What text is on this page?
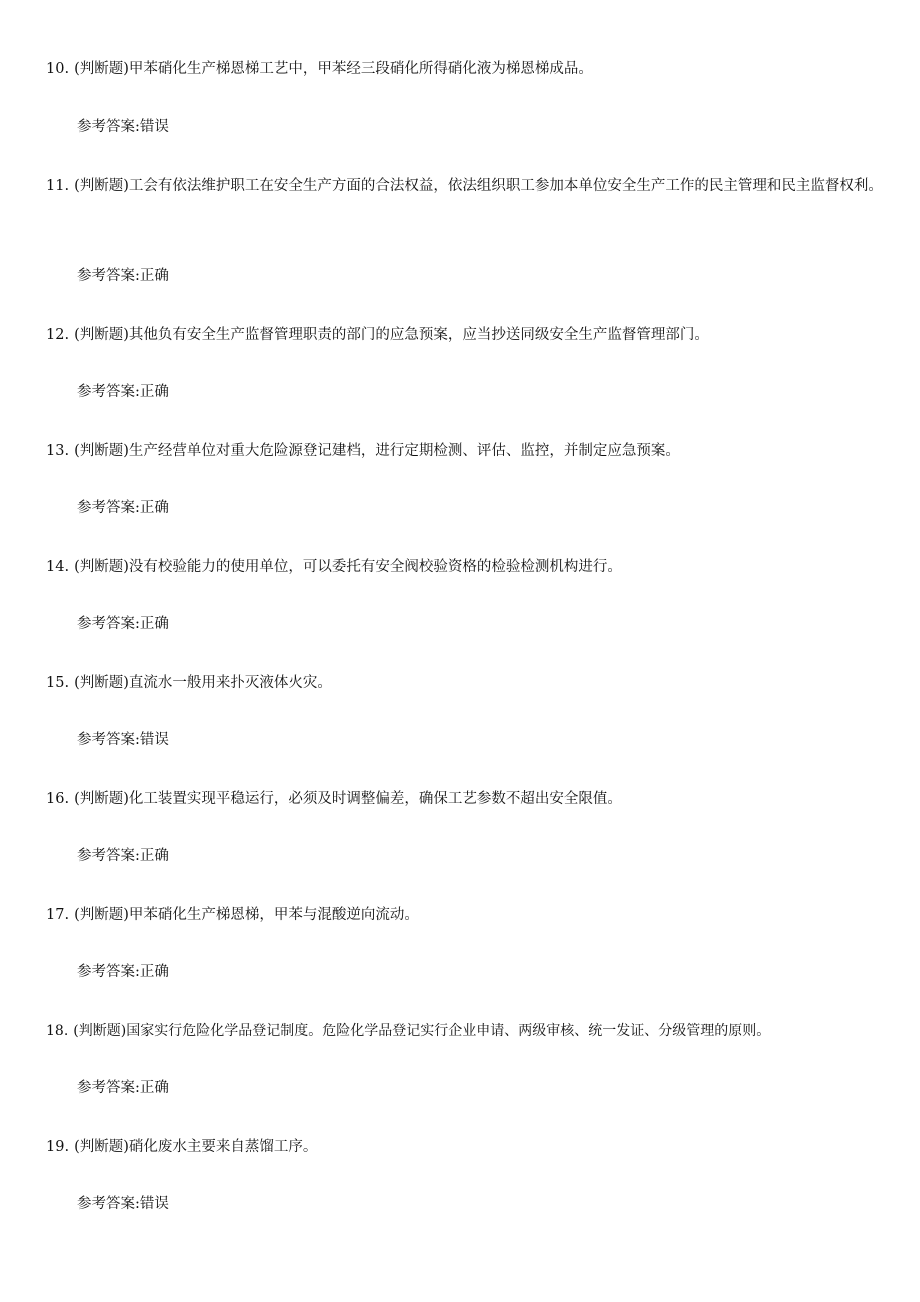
10. (判断题)甲苯硝化生产梯恩梯工艺中，甲苯经三段硝化所得硝化液为梯恩梯成品。
参考答案:错误
11. (判断题)工会有依法维护职工在安全生产方面的合法权益，依法组织职工参加本单位安全生产工作的民主管理和民主监督权利。
参考答案:正确
12. (判断题)其他负有安全生产监督管理职责的部门的应急预案，应当抄送同级安全生产监督管理部门。
参考答案:正确
13. (判断题)生产经营单位对重大危险源登记建档，进行定期检测、评估、监控，并制定应急预案。
参考答案:正确
14. (判断题)没有校验能力的使用单位，可以委托有安全阀校验资格的检验检测机构进行。
参考答案:正确
15. (判断题)直流水一般用来扑灭液体火灾。
参考答案:错误
16. (判断题)化工装置实现平稳运行，必须及时调整偏差，确保工艺参数不超出安全限值。
参考答案:正确
17. (判断题)甲苯硝化生产梯恩梯，甲苯与混酸逆向流动。
参考答案:正确
18. (判断题)国家实行危险化学品登记制度。危险化学品登记实行企业申请、两级审核、统一发证、分级管理的原则。
参考答案:正确
19. (判断题)硝化废水主要来自蒸馏工序。
参考答案:错误
